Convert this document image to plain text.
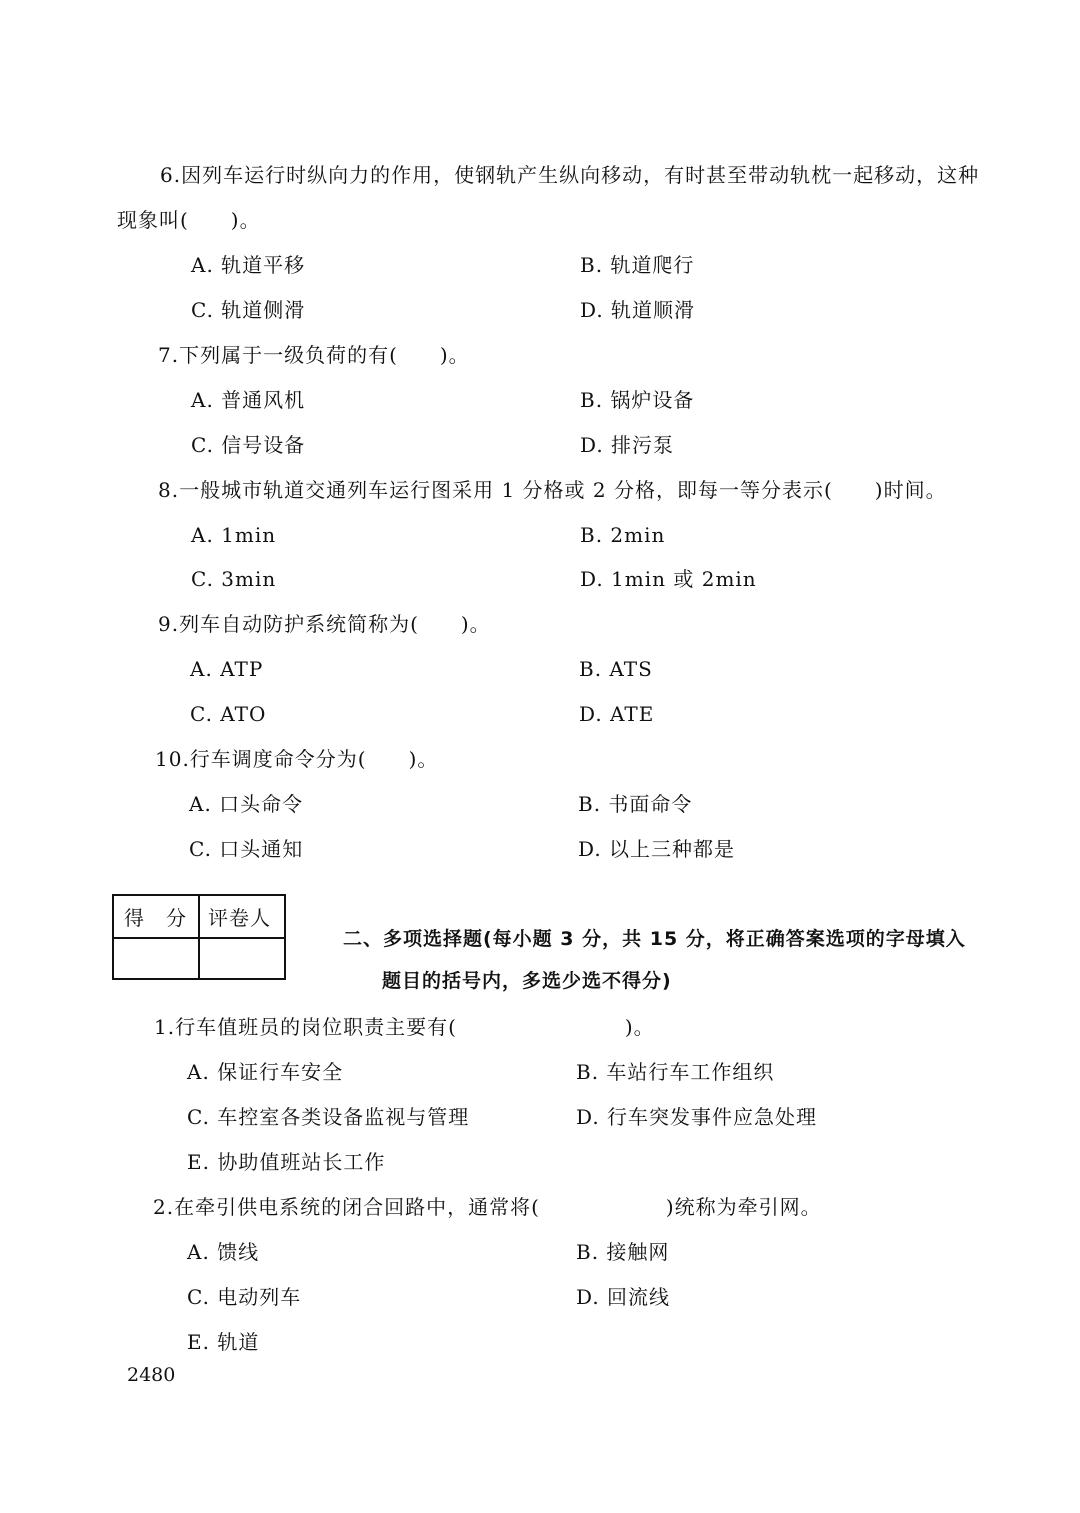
6.因列车运行时纵向力的作用，使钢轨产生纵向移动，有时甚至带动轨枕一起移动，这种
现象叫(　　)。
A. 轨道平移	B. 轨道爬行
C. 轨道侧滑	D. 轨道顺滑
7.下列属于一级负荷的有(　　)。
A. 普通风机	B. 锅炉设备
C. 信号设备	D. 排污泵
8.一般城市轨道交通列车运行图采用 1 分格或 2 分格，即每一等分表示(　　)时间。
A. 1min	B. 2min
C. 3min	D. 1min 或 2min
9.列车自动防护系统简称为(　　)。
A. ATP	B. ATS
C. ATO	D. ATE
10.行车调度命令分为(　　)。
A. 口头命令	B. 书面命令
C. 口头通知	D. 以上三种都是
得　分 评卷人
二、多项选择题(每小题 3 分，共 15 分，将正确答案选项的字母填入
题目的括号内，多选少选不得分)
1.行车值班员的岗位职责主要有(　　　　　　　　)。
A. 保证行车安全	B. 车站行车工作组织
C. 车控室各类设备监视与管理	D. 行车突发事件应急处理
E. 协助值班站长工作
2.在牵引供电系统的闭合回路中，通常将(　　　　　　)统称为牵引网。
A. 馈线	B. 接触网
C. 电动列车	D. 回流线
E. 轨道
2480
